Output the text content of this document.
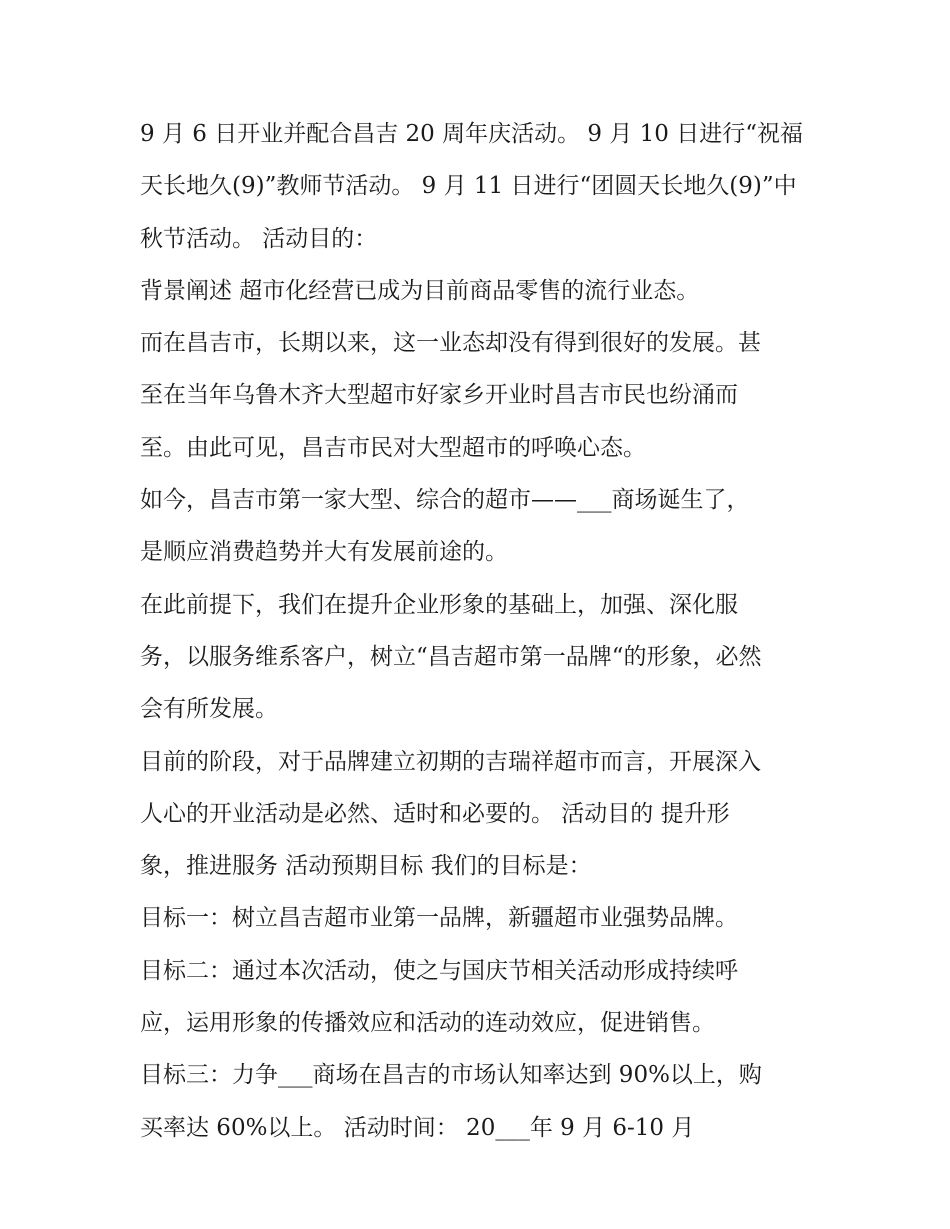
9 月 6 日开业并配合昌吉 20 周年庆活动。 9 月 10 日进行“祝福
天长地久(9)”教师节活动。 9 月 11 日进行“团圆天长地久(9)”中
秋节活动。 活动目的：
背景阐述 超市化经营已成为目前商品零售的流行业态。
而在昌吉市，长期以来，这一业态却没有得到很好的发展。甚
至在当年乌鲁木齐大型超市好家乡开业时昌吉市民也纷涌而
至。由此可见，昌吉市民对大型超市的呼唤心态。
如今，昌吉市第一家大型、综合的超市——___商场诞生了，
是顺应消费趋势并大有发展前途的。
在此前提下，我们在提升企业形象的基础上，加强、深化服
务，以服务维系客户，树立“昌吉超市第一品牌“的形象，必然
会有所发展。
目前的阶段，对于品牌建立初期的吉瑞祥超市而言，开展深入
人心的开业活动是必然、适时和必要的。 活动目的 提升形
象，推进服务 活动预期目标 我们的目标是：
目标一：树立昌吉超市业第一品牌，新疆超市业强势品牌。
目标二：通过本次活动，使之与国庆节相关活动形成持续呼
应，运用形象的传播效应和活动的连动效应，促进销售。
目标三：力争___商场在昌吉的市场认知率达到 90%以上，购
买率达 60%以上。 活动时间： 20___年 9 月 6-10 月
